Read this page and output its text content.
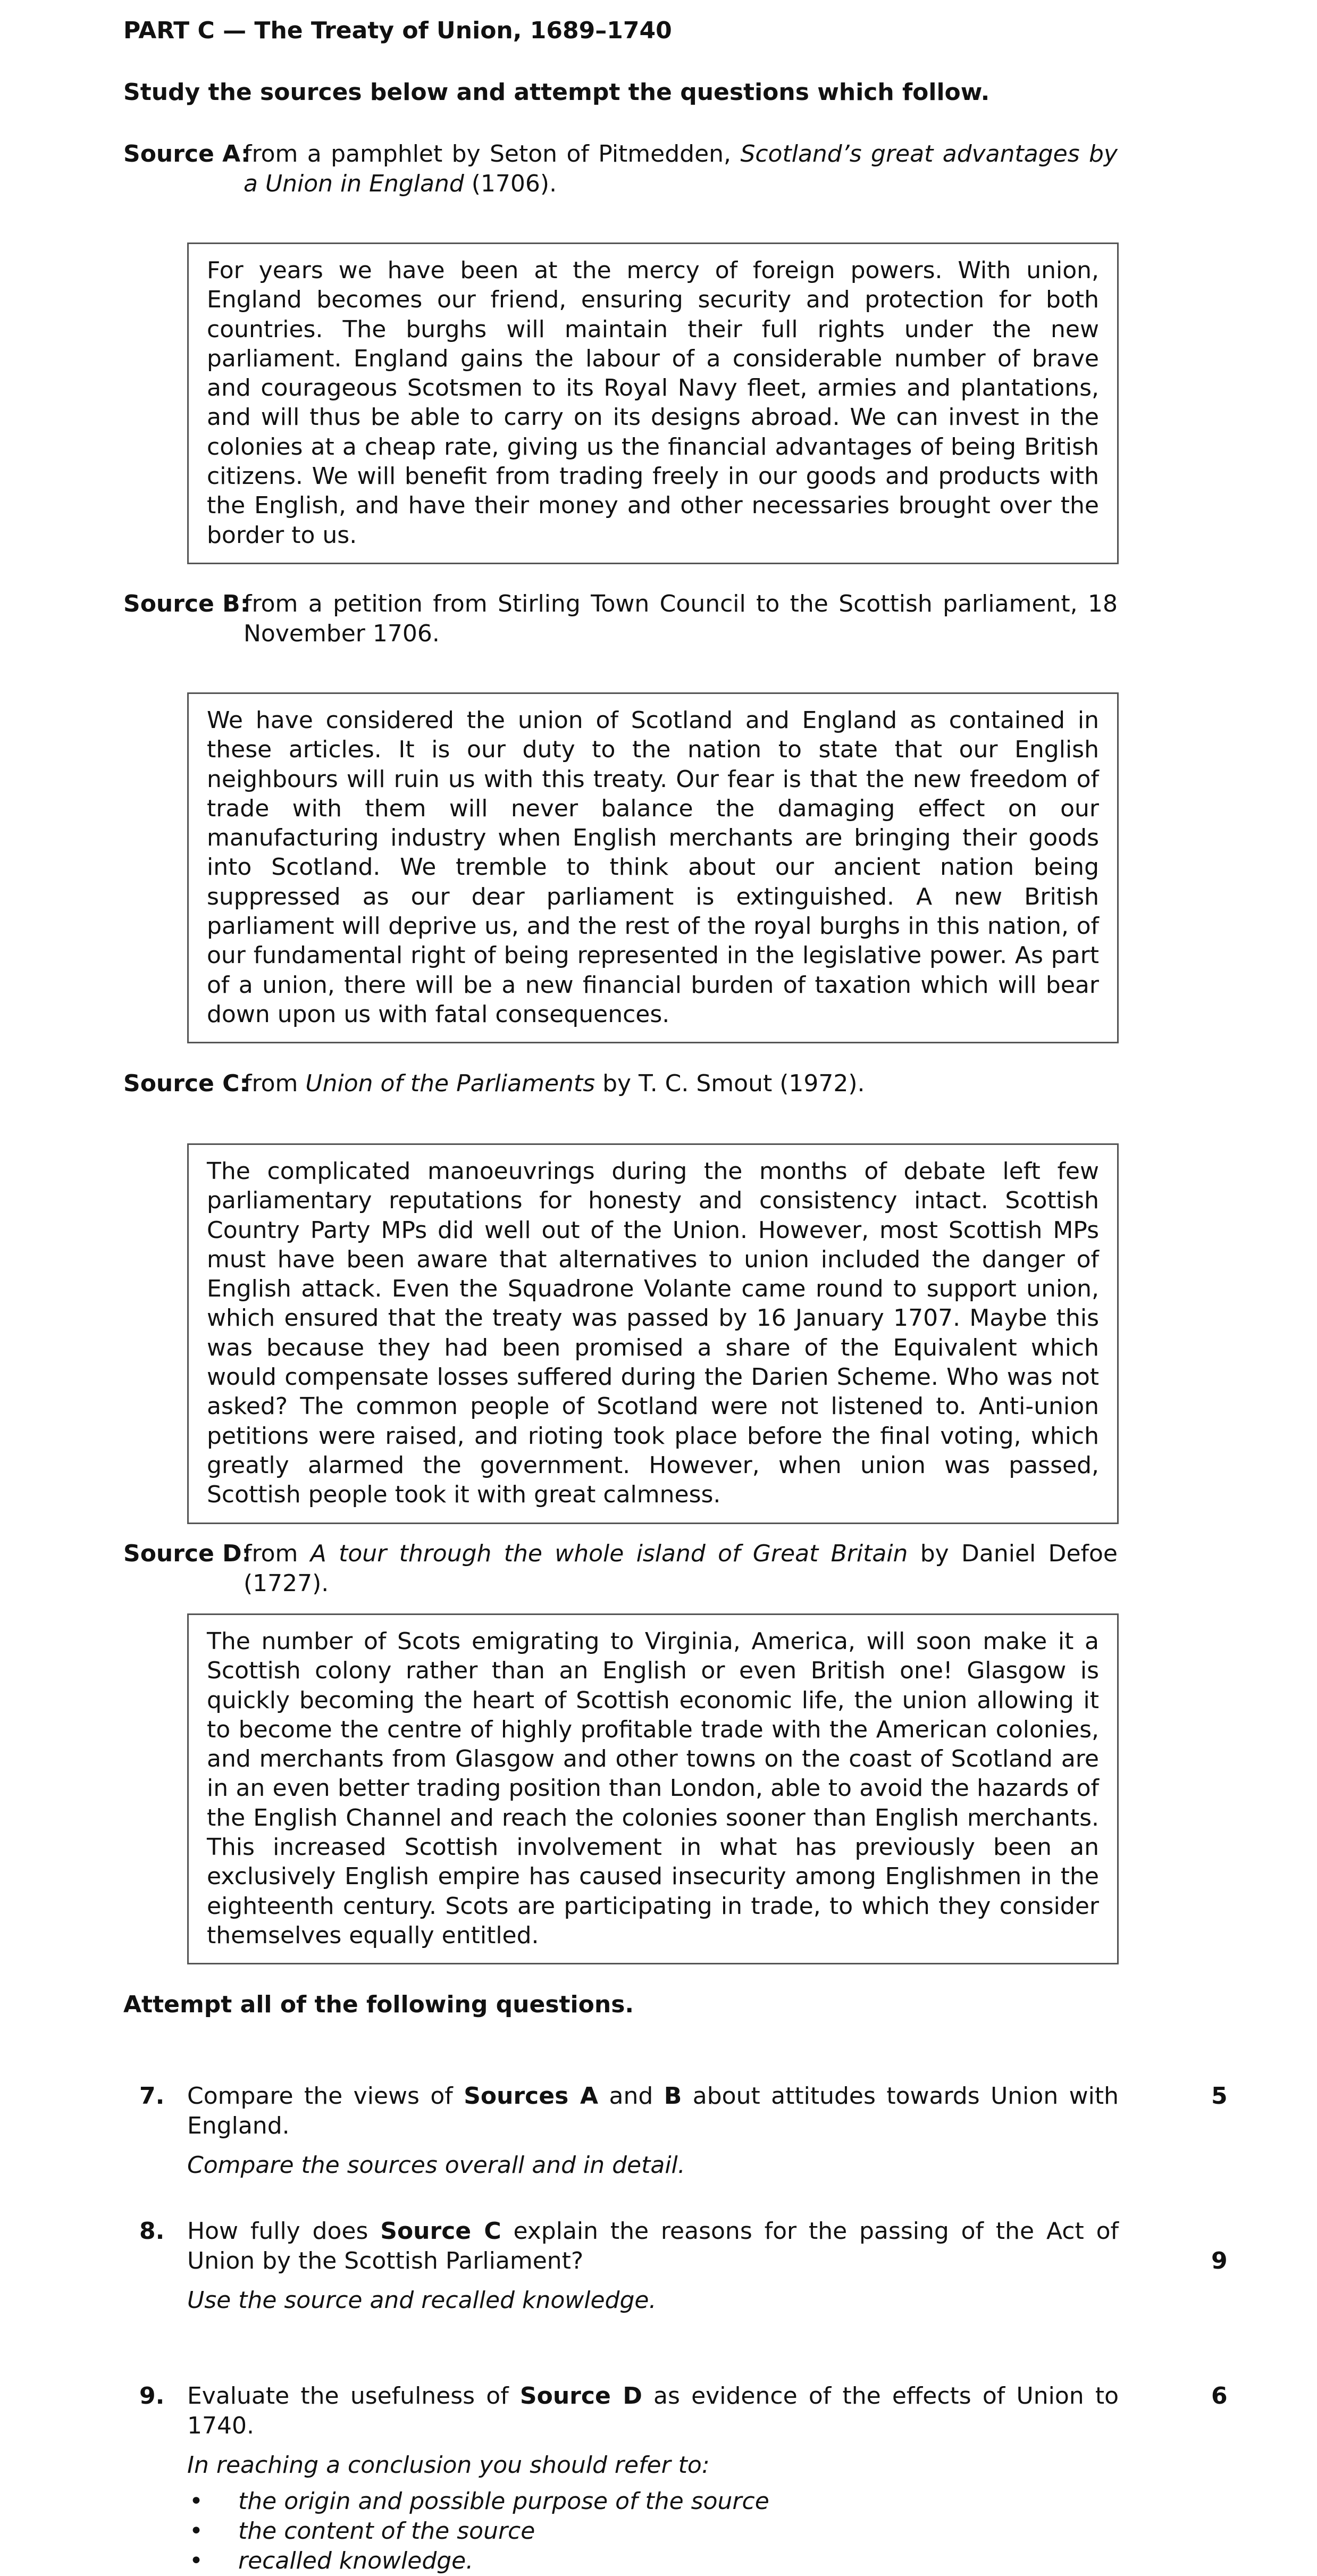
PART C — The Treaty of Union, 1689–1740
Study the sources below and attempt the questions which follow.
Source A:
from a pamphlet by Seton of Pitmedden, Scotland’s great advantages by a Union in England (1706).
For years we have been at the mercy of foreign powers. With union, England becomes our friend, ensuring security and protection for both countries. The burghs will maintain their full rights under the new parliament. England gains the labour of a considerable number of brave and courageous Scotsmen to its Royal Navy fleet, armies and plantations, and will thus be able to carry on its designs abroad. We can invest in the colonies at a cheap rate, giving us the financial advantages of being British citizens. We will benefit from trading freely in our goods and products with the English, and have their money and other necessaries brought over the border to us.
Source B:
from a petition from Stirling Town Council to the Scottish parliament, 18 November 1706.
We have considered the union of Scotland and England as contained in these articles. It is our duty to the nation to state that our English neighbours will ruin us with this treaty. Our fear is that the new freedom of trade with them will never balance the damaging effect on our manufacturing industry when English merchants are bringing their goods into Scotland. We tremble to think about our ancient nation being suppressed as our dear parliament is extinguished. A new British parliament will deprive us, and the rest of the royal burghs in this nation, of our fundamental right of being represented in the legislative power. As part of a union, there will be a new financial burden of taxation which will bear down upon us with fatal consequences.
Source C:
from Union of the Parliaments by T. C. Smout (1972).
The complicated manoeuvrings during the months of debate left few parliamentary reputations for honesty and consistency intact. Scottish Country Party MPs did well out of the Union. However, most Scottish MPs must have been aware that alternatives to union included the danger of English attack. Even the Squadrone Volante came round to support union, which ensured that the treaty was passed by 16 January 1707. Maybe this was because they had been promised a share of the Equivalent which would compensate losses suffered during the Darien Scheme. Who was not asked? The common people of Scotland were not listened to. Anti-union petitions were raised, and rioting took place before the final voting, which greatly alarmed the government. However, when union was passed, Scottish people took it with great calmness.
Source D:
from A tour through the whole island of Great Britain by Daniel Defoe (1727).
The number of Scots emigrating to Virginia, America, will soon make it a Scottish colony rather than an English or even British one! Glasgow is quickly becoming the heart of Scottish economic life, the union allowing it to become the centre of highly profitable trade with the American colonies, and merchants from Glasgow and other towns on the coast of Scotland are in an even better trading position than London, able to avoid the hazards of the English Channel and reach the colonies sooner than English merchants. This increased Scottish involvement in what has previously been an exclusively English empire has caused insecurity among Englishmen in the eighteenth century. Scots are participating in trade, to which they consider themselves equally entitled.
Attempt all of the following questions.
7.	5
Compare the views of Sources A and B about attitudes towards Union with England.
Compare the sources overall and in detail.
8.
9
How fully does Source C explain the reasons for the passing of the Act of Union by the Scottish Parliament?
Use the source and recalled knowledge.
9.	6
Evaluate the usefulness of Source D as evidence of the effects of Union to 1740.
In reaching a conclusion you should refer to:
• the origin and possible purpose of the source
• the content of the source
• recalled knowledge.
